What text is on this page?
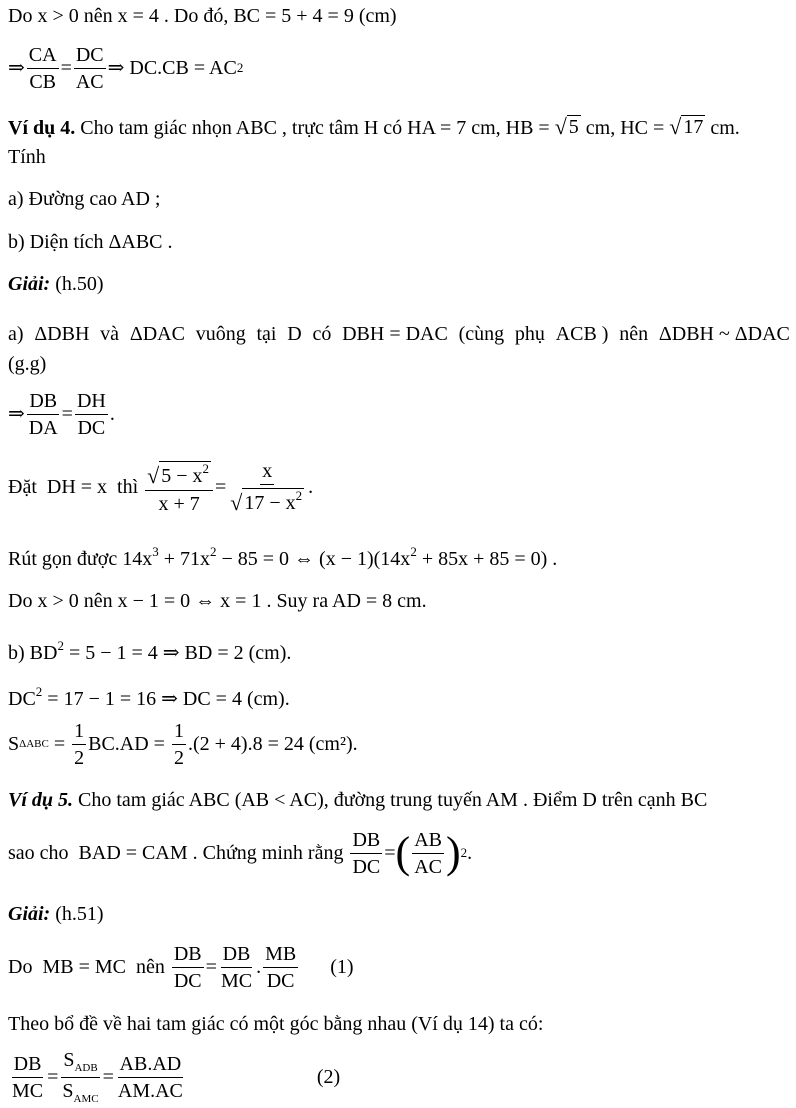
Do x > 0 nên x = 4 . Do đó, BC = 5 + 4 = 9 (cm)
⇒ $\frac{CA}{CB} = \frac{DC}{AC}$ ⇒ DC.CB = AC 2
Ví dụ 4. Cho tam giác nhọn ABC , trực tâm H có HA = 7 cm, HB = √ 5 cm, HC = √ 17 cm.
Tính
a) Đường cao AD ;
b) Diện tích ΔABC .
Giải: (h.50)
a) ΔDBH và ΔDAC vuông tại D có DBH = DAC (cùng phụ ACB ) nên ΔDBH ~ ΔDAC
(g.g)
⇒ $\frac{DB}{DA} = \frac{DH}{DC}$ .
Đặt  DH = x  thì $\frac{√ 5 - x^2}{x + 7} = \frac{x}{√ 17 - x^2}$ .
Rút gọn được $14x^3 + 71x^2 - 85 = 0$ ⇔ $(x - 1)(14x^2 + 85x + 85 = 0)$ .
Do x > 0 nên x − 1 = 0 ⇔ x = 1 . Suy ra AD = 8 cm.
b) $BD^2 = 5 - 1 = 4$ ⇒ BD = 2 (cm).
$DC^2 = 17 - 1 = 16$ ⇒ DC = 4 (cm).
S $\Delta ABC = \frac{1}{2} BC.AD = \frac{1}{2} .(2 + 4).8 = 24$ (cm²).
Ví dụ 5. Cho tam giác ABC (AB < AC), đường trung tuyến AM . Điểm D trên cạnh BC
sao cho  BAD = CAM . Chứng minh rằng $\frac{DB}{DC}$ = ( $\frac{AB}{AC}$ ) 2 .
Giải: (h.51)
Do  MB = MC  nên $\frac{DB}{DC} = \frac{DB}{MC}$ . $\frac{MB}{DC} (1)$
Theo bổ đề về hai tam giác có một góc bằng nhau (Ví dụ 14) ta có:
$\frac{DB}{MC} = \frac{S_{ADB}}{S_{AMC}} = \frac{AB.AD}{AM.AC}$	(2)
